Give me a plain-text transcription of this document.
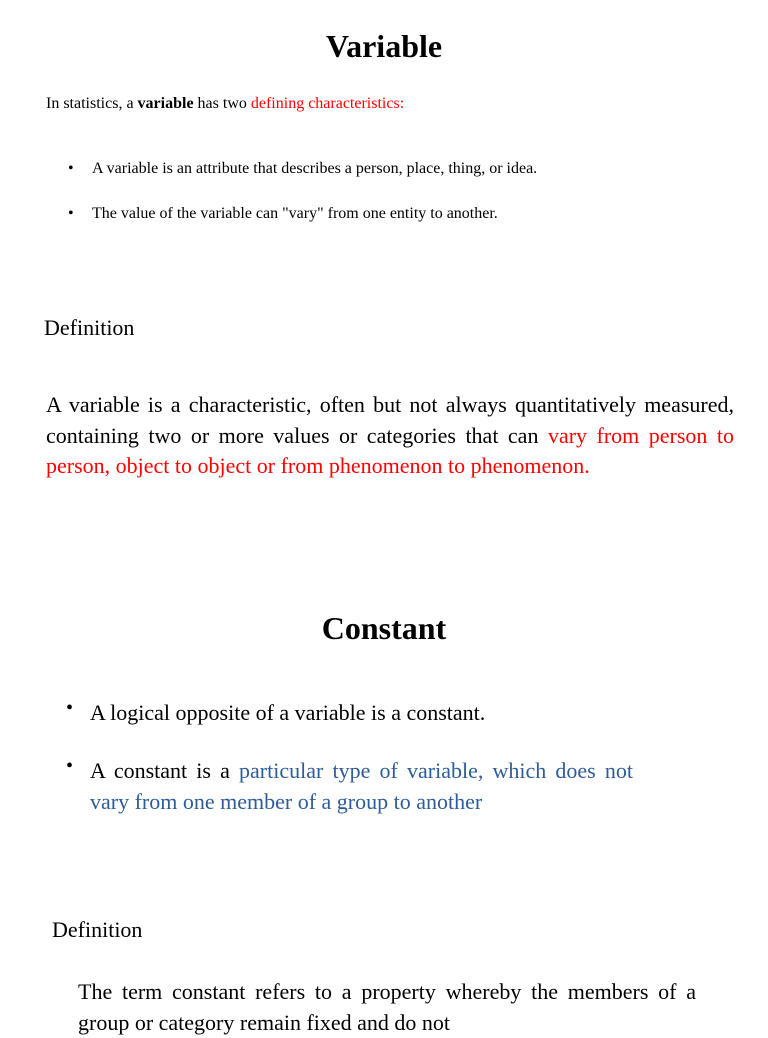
Variable
In statistics, a variable has two defining characteristics:
• A variable is an attribute that describes a person, place, thing, or idea.
• The value of the variable can "vary" from one entity to another.
Definition
A variable is a characteristic, often but not always quantitatively measured, containing two or more values or categories that can vary from person to person, object to object or from phenomenon to phenomenon.
Constant
• A logical opposite of a variable is a constant.
• A constant is a particular type of variable, which does not vary from one member of a group to another
Definition
The term constant refers to a property whereby the members of a group or category remain fixed and do not
